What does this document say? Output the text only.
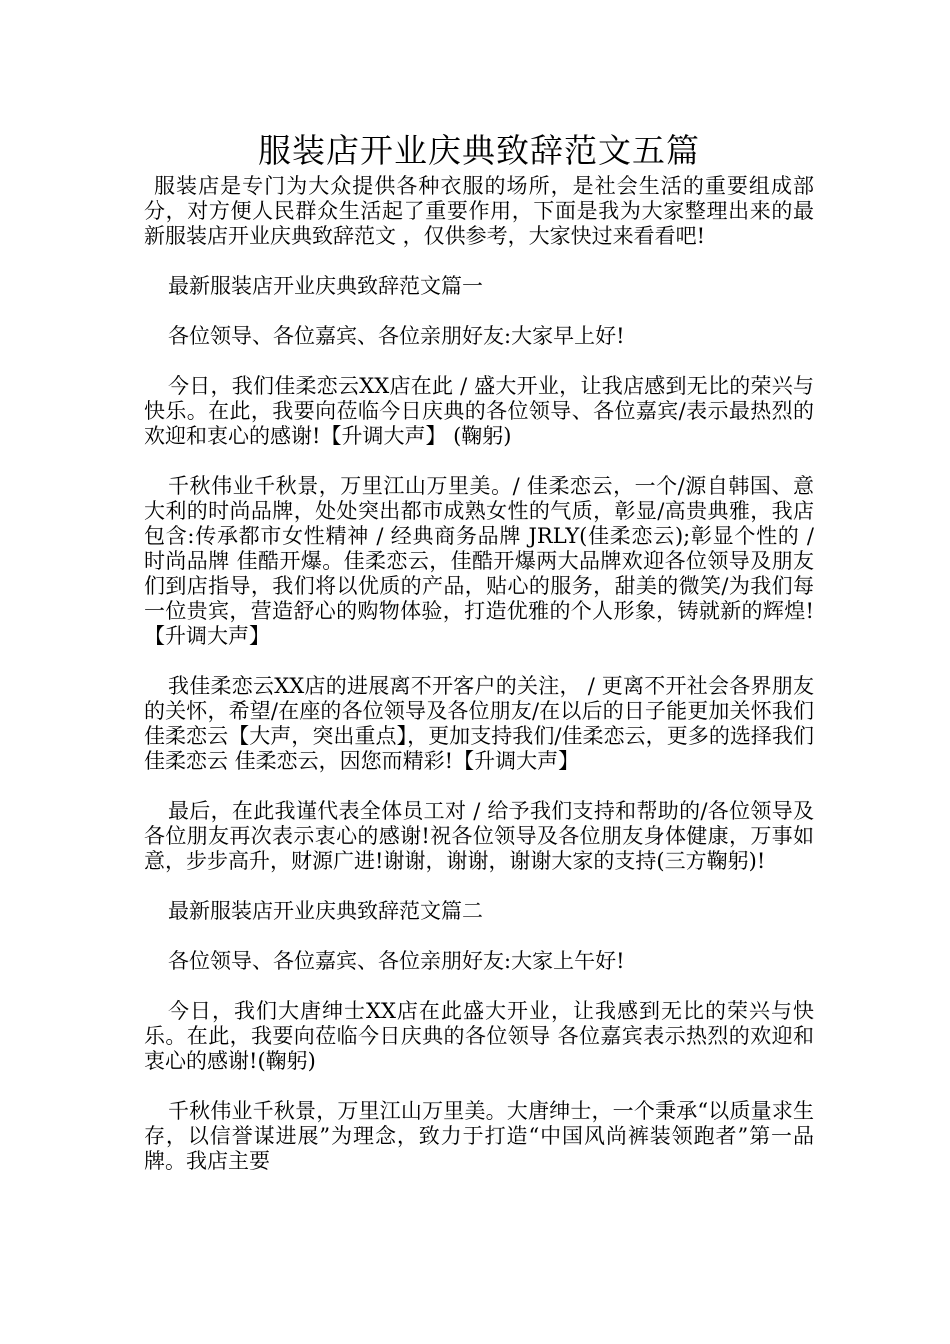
服装店开业庆典致辞范文五篇

服装店是专门为大众提供各种衣服的场所，是社会生活的重要组成部分，对方便人民群众生活起了重要作用，下面是我为大家整理出来的最新服装店开业庆典致辞范文 ，仅供参考，大家快过来看看吧!

最新服装店开业庆典致辞范文篇一

各位领导、各位嘉宾、各位亲朋好友:大家早上好!

今日，我们佳柔恋云XX店在此 / 盛大开业，让我店感到无比的荣兴与快乐。在此，我要向莅临今日庆典的各位领导、各位嘉宾/表示最热烈的欢迎和衷心的感谢!【升调大声】 (鞠躬)

千秋伟业千秋景，万里江山万里美。/ 佳柔恋云，一个/源自韩国、意大利的时尚品牌，处处突出都市成熟女性的气质，彰显/高贵典雅，我店包含:传承都市女性精神 / 经典商务品牌 JRLY(佳柔恋云);彰显个性的 / 时尚品牌 佳酷开爆。佳柔恋云，佳酷开爆两大品牌欢迎各位领导及朋友们到店指导，我们将以优质的产品，贴心的服务，甜美的微笑/为我们每一位贵宾，营造舒心的购物体验，打造优雅的个人形象，铸就新的辉煌!【升调大声】

我佳柔恋云XX店的进展离不开客户的关注， / 更离不开社会各界朋友的关怀，希望/在座的各位领导及各位朋友/在以后的日子能更加关怀我们佳柔恋云【大声，突出重点】，更加支持我们/佳柔恋云，更多的选择我们佳柔恋云 佳柔恋云，因您而精彩!【升调大声】

最后，在此我谨代表全体员工对 / 给予我们支持和帮助的/各位领导及各位朋友再次表示衷心的感谢!祝各位领导及各位朋友身体健康，万事如意，步步高升，财源广进!谢谢，谢谢，谢谢大家的支持(三方鞠躬)!

最新服装店开业庆典致辞范文篇二

各位领导、各位嘉宾、各位亲朋好友:大家上午好!

今日，我们大唐绅士XX店在此盛大开业，让我感到无比的荣兴与快乐。在此，我要向莅临今日庆典的各位领导 各位嘉宾表示热烈的欢迎和衷心的感谢!(鞠躬)

千秋伟业千秋景，万里江山万里美。大唐绅士，一个秉承“以质量求生存，以信誉谋进展”为理念，致力于打造“中国风尚裤装领跑者”第一品牌。我店主要
